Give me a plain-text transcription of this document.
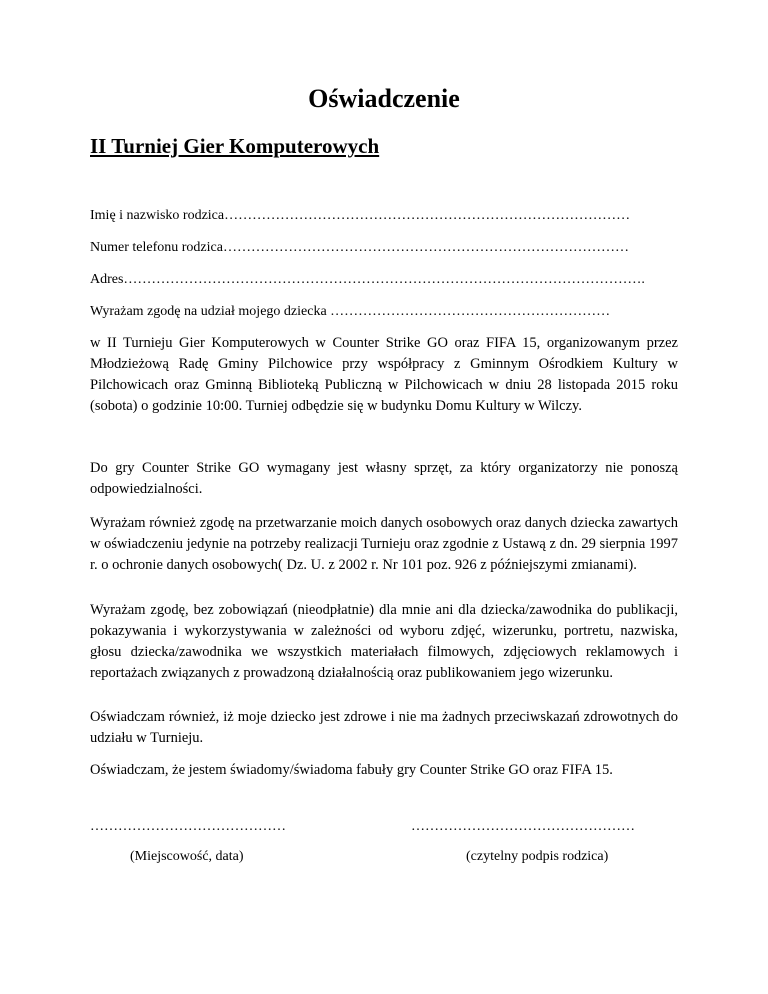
Oświadczenie
II Turniej Gier Komputerowych

Imię i nazwisko rodzica……………………………………………………………………………

Numer telefonu rodzica……………………………………………………………………………

Adres………………………………………………………………………………………………….

Wyrażam zgodę na udział mojego dziecka ……………………………………………………

w II Turnieju Gier Komputerowych w Counter Strike GO oraz FIFA 15, organizowanym przez Młodzieżową Radę Gminy Pilchowice przy współpracy z Gminnym Ośrodkiem Kultury w Pilchowicach oraz Gminną Biblioteką Publiczną w Pilchowicach w dniu 28 listopada 2015 roku (sobota) o godzinie 10:00. Turniej odbędzie się w budynku Domu Kultury w Wilczy.

Do gry Counter Strike GO wymagany jest własny sprzęt, za który organizatorzy nie ponoszą odpowiedzialności.

Wyrażam również zgodę na przetwarzanie moich danych osobowych oraz danych dziecka zawartych w oświadczeniu jedynie na potrzeby realizacji Turnieju oraz zgodnie z Ustawą z dn. 29 sierpnia 1997 r. o ochronie danych osobowych( Dz. U. z 2002 r. Nr 101 poz. 926 z późniejszymi zmianami).

Wyrażam zgodę, bez zobowiązań (nieodpłatnie) dla mnie ani dla dziecka/zawodnika do publikacji, pokazywania i wykorzystywania w zależności od wyboru zdjęć, wizerunku, portretu, nazwiska, głosu dziecka/zawodnika we wszystkich materiałach filmowych, zdjęciowych reklamowych i reportażach związanych z prowadzoną działalnością oraz publikowaniem jego wizerunku.

Oświadczam również, iż moje dziecko jest zdrowe i nie ma żadnych przeciwskazań zdrowotnych do udziału w Turnieju.

Oświadczam, że jestem świadomy/świadoma fabuły gry Counter Strike GO oraz FIFA 15.

……………………………………	…………………………………………

(Miejscowość, data)	(czytelny podpis rodzica)
